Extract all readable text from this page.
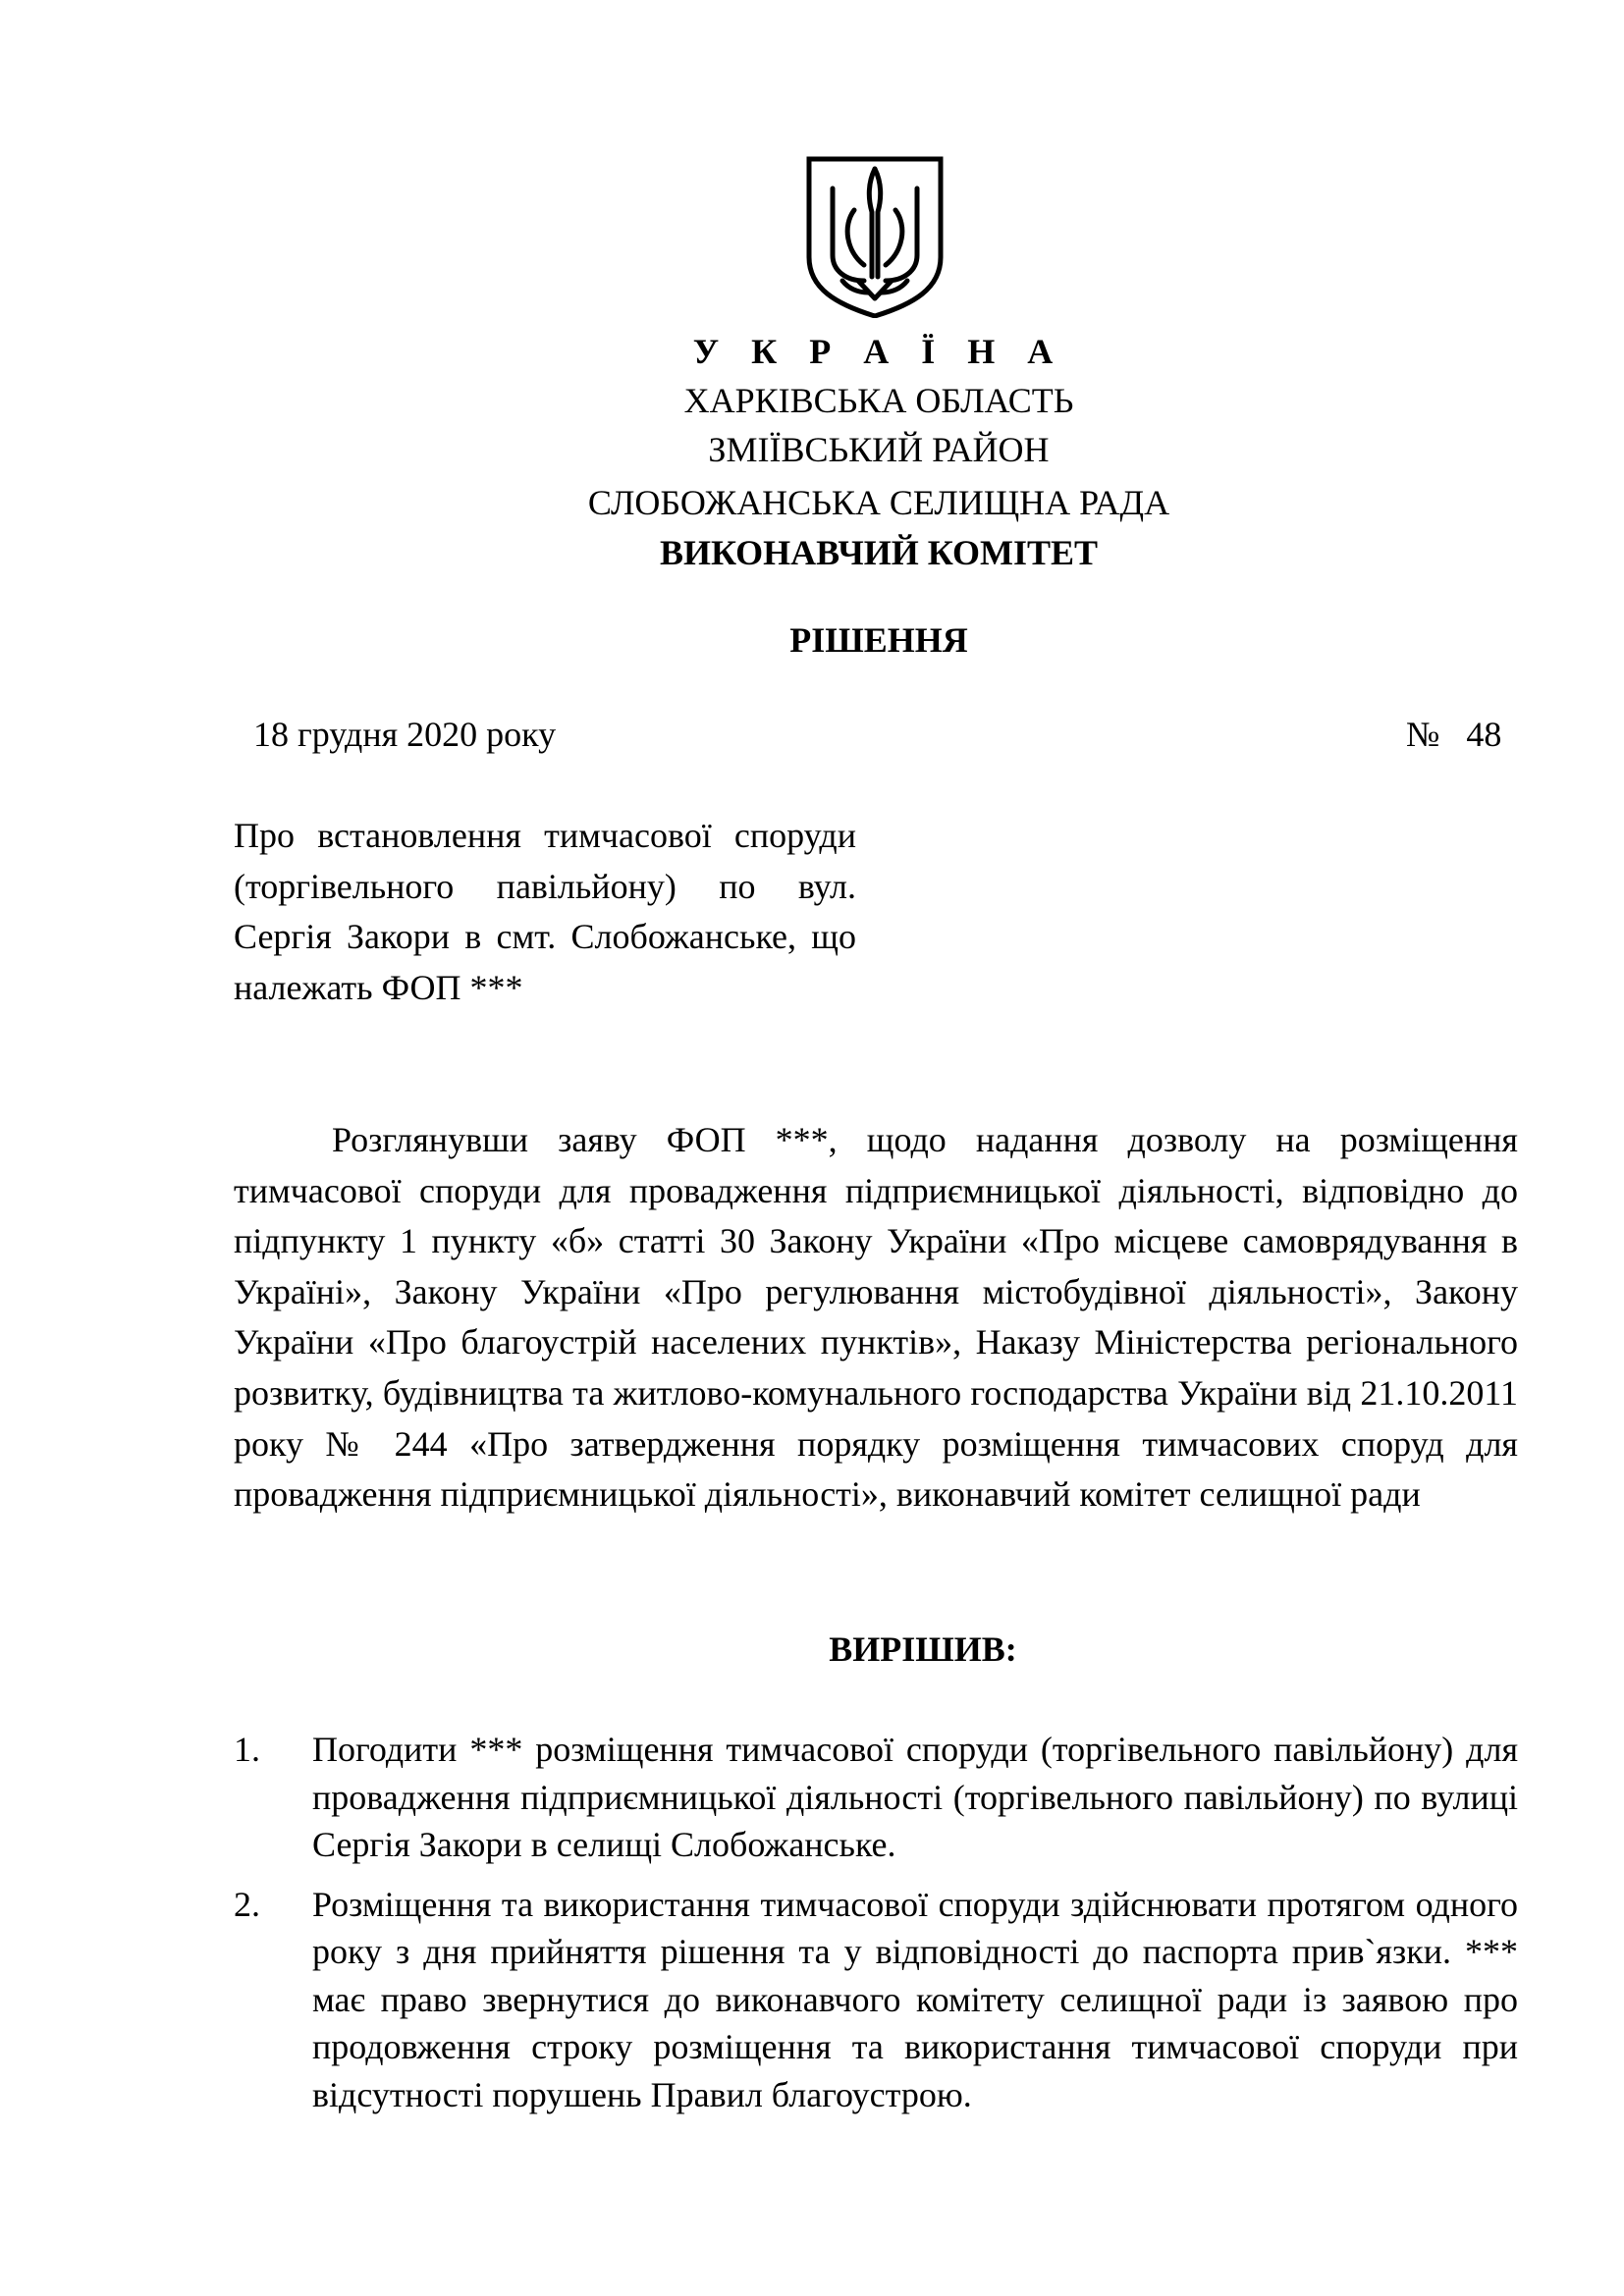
У К Р А Ї Н А
ХАРКІВСЬКА ОБЛАСТЬ
ЗМІЇВСЬКИЙ РАЙОН
СЛОБОЖАНСЬКА СЕЛИЩНА РАДА
ВИКОНАВЧИЙ КОМІТЕТ
РІШЕННЯ
18 грудня 2020 року	№ 48
Про встановлення тимчасової споруди (торгівельного павільйону) по вул. Сергія Закори в смт. Слобожанське, що належать ФОП ***
Розглянувши заяву ФОП ***, щодо надання дозволу на розміщення тимчасової споруди для провадження підприємницької діяльності, відповідно до підпункту 1 пункту «б» статті 30 Закону України «Про місцеве самоврядування в Україні», Закону України «Про регулювання містобудівної діяльності», Закону України «Про благоустрій населених пунктів», Наказу Міністерства регіонального розвитку, будівництва та житлово-комунального господарства України від 21.10.2011 року № 244 «Про затвердження порядку розміщення тимчасових споруд для провадження підприємницької діяльності», виконавчий комітет селищної ради
ВИРІШИВ:
1. Погодити *** розміщення тимчасової споруди (торгівельного павільйону) для провадження підприємницької діяльності (торгівельного павільйону) по вулиці Сергія Закори в селищі Слобожанське.
2. Розміщення та використання тимчасової споруди здійснювати протягом одного року з дня прийняття рішення та у відповідності до паспорта прив`язки. *** має право звернутися до виконавчого комітету селищної ради із заявою про продовження строку розміщення та використання тимчасової споруди при відсутності порушень Правил благоустрою.
